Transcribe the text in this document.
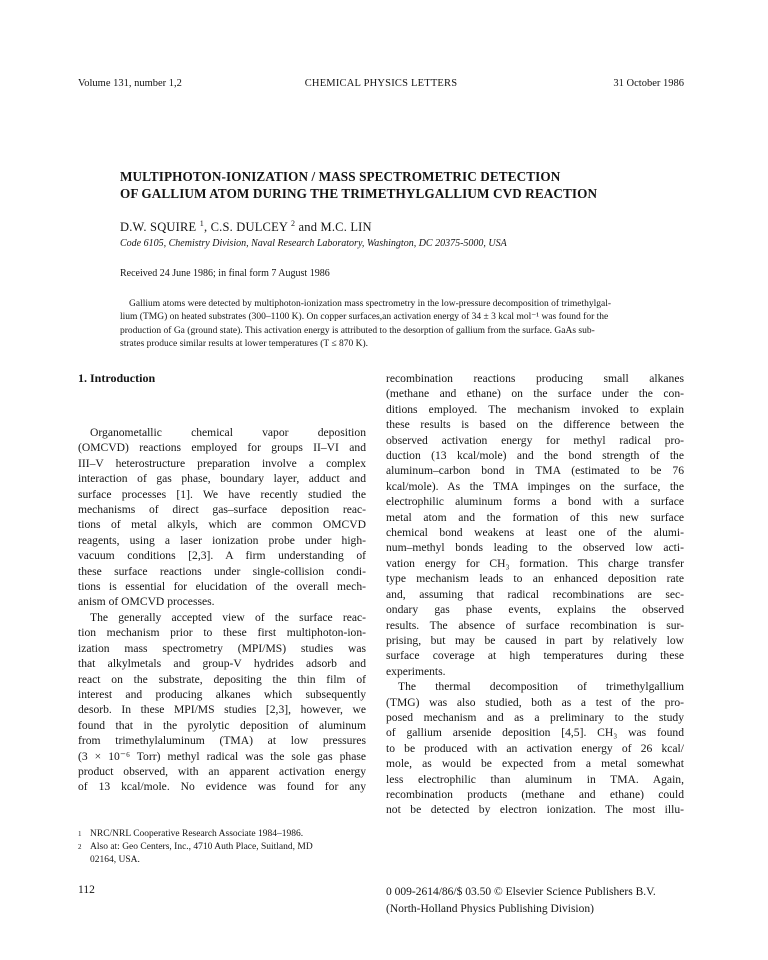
Volume 131, number 1,2	CHEMICAL PHYSICS LETTERS	31 October 1986
MULTIPHOTON-IONIZATION / MASS SPECTROMETRIC DETECTION
OF GALLIUM ATOM DURING THE TRIMETHYLGALLIUM CVD REACTION
D.W. SQUIRE $^1$, C.S. DULCEY $^2$ and M.C. LIN
Code 6105, Chemistry Division, Naval Research Laboratory, Washington, DC 20375-5000, USA
Received 24 June 1986; in final form 7 August 1986
Gallium atoms were detected by multiphoton-ionization mass spectrometry in the low-pressure decomposition of trimethylgal-
lium (TMG) on heated substrates (300–1100 K). On copper surfaces,an activation energy of 34 ± 3 kcal mol⁻¹ was found for the
production of Ga (ground state). This activation energy is attributed to the desorption of gallium from the surface. GaAs sub-
strates produce similar results at lower temperatures (T ≤ 870 K).
1. Introduction
Organometallic chemical vapor deposition
(OMCVD) reactions employed for groups II–VI and
III–V heterostructure preparation involve a complex
interaction of gas phase, boundary layer, adduct and
surface processes [1]. We have recently studied the
mechanisms of direct gas–surface deposition reac-
tions of metal alkyls, which are common OMCVD
reagents, using a laser ionization probe under high-
vacuum conditions [2,3]. A firm understanding of
these surface reactions under single-collision condi-
tions is essential for elucidation of the overall mech-
anism of OMCVD processes.
The generally accepted view of the surface reac-
tion mechanism prior to these first multiphoton-ion-
ization mass spectrometry (MPI/MS) studies was
that alkylmetals and group-V hydrides adsorb and
react on the substrate, depositing the thin film of
interest and producing alkanes which subsequently
desorb. In these MPI/MS studies [2,3], however, we
found that in the pyrolytic deposition of aluminum
from trimethylaluminum (TMA) at low pressures
(3 × 10⁻⁶ Torr) methyl radical was the sole gas phase
product observed, with an apparent activation energy
of 13 kcal/mole. No evidence was found for any
recombination reactions producing small alkanes
(methane and ethane) on the surface under the con-
ditions employed. The mechanism invoked to explain
these results is based on the difference between the
observed activation energy for methyl radical pro-
duction (13 kcal/mole) and the bond strength of the
aluminum–carbon bond in TMA (estimated to be 76
kcal/mole). As the TMA impinges on the surface, the
electrophilic aluminum forms a bond with a surface
metal atom and the formation of this new surface
chemical bond weakens at least one of the alumi-
num–methyl bonds leading to the observed low acti-
vation energy for CH₃ formation. This charge transfer
type mechanism leads to an enhanced deposition rate
and, assuming that radical recombinations are sec-
ondary gas phase events, explains the observed
results. The absence of surface recombination is sur-
prising, but may be caused in part by relatively low
surface coverage at high temperatures during these
experiments.
The thermal decomposition of trimethylgallium
(TMG) was also studied, both as a test of the pro-
posed mechanism and as a preliminary to the study
of gallium arsenide deposition [4,5]. CH₃ was found
to be produced with an activation energy of 26 kcal/
mole, as would be expected from a metal somewhat
less electrophilic than aluminum in TMA. Again,
recombination products (methane and ethane) could
not be detected by electron ionization. The most illu-
1 NRC/NRL Cooperative Research Associate 1984–1986.
2 Also at: Geo Centers, Inc., 4710 Auth Place, Suitland, MD
02164, USA.
112	0 009-2614/86/$ 03.50 © Elsevier Science Publishers B.V.
(North-Holland Physics Publishing Division)
